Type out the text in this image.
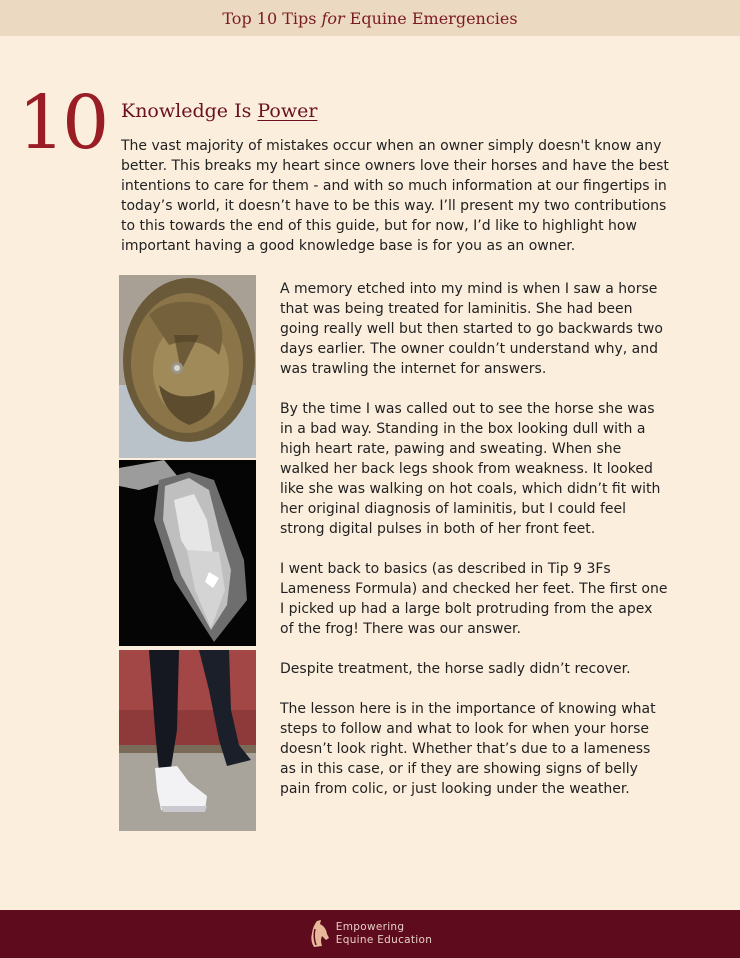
Top 10 Tips for Equine Emergencies
10 Knowledge Is Power

The vast majority of mistakes occur when an owner simply doesn't know any better. This breaks my heart since owners love their horses and have the best intentions to care for them - and with so much information at our fingertips in today’s world, it doesn’t have to be this way. I’ll present my two contributions to this towards the end of this guide, but for now, I’d like to highlight how important having a good knowledge base is for you as an owner.

A memory etched into my mind is when I saw a horse that was being treated for laminitis. She had been going really well but then started to go backwards two days earlier. The owner couldn’t understand why, and was trawling the internet for answers.

By the time I was called out to see the horse she was in a bad way. Standing in the box looking dull with a high heart rate, pawing and sweating. When she walked her back legs shook from weakness. It looked like she was walking on hot coals, which didn’t fit with her original diagnosis of laminitis, but I could feel strong digital pulses in both of her front feet.

I went back to basics (as described in Tip 9 3Fs Lameness Formula) and checked her feet. The first one I picked up had a large bolt protruding from the apex of the frog! There was our answer.

Despite treatment, the horse sadly didn’t recover.

The lesson here is in the importance of knowing what steps to follow and what to look for when your horse doesn’t look right. Whether that’s due to a lameness as in this case, or if they are showing signs of belly pain from colic, or just looking under the weather.

Empowering
Equine Education
